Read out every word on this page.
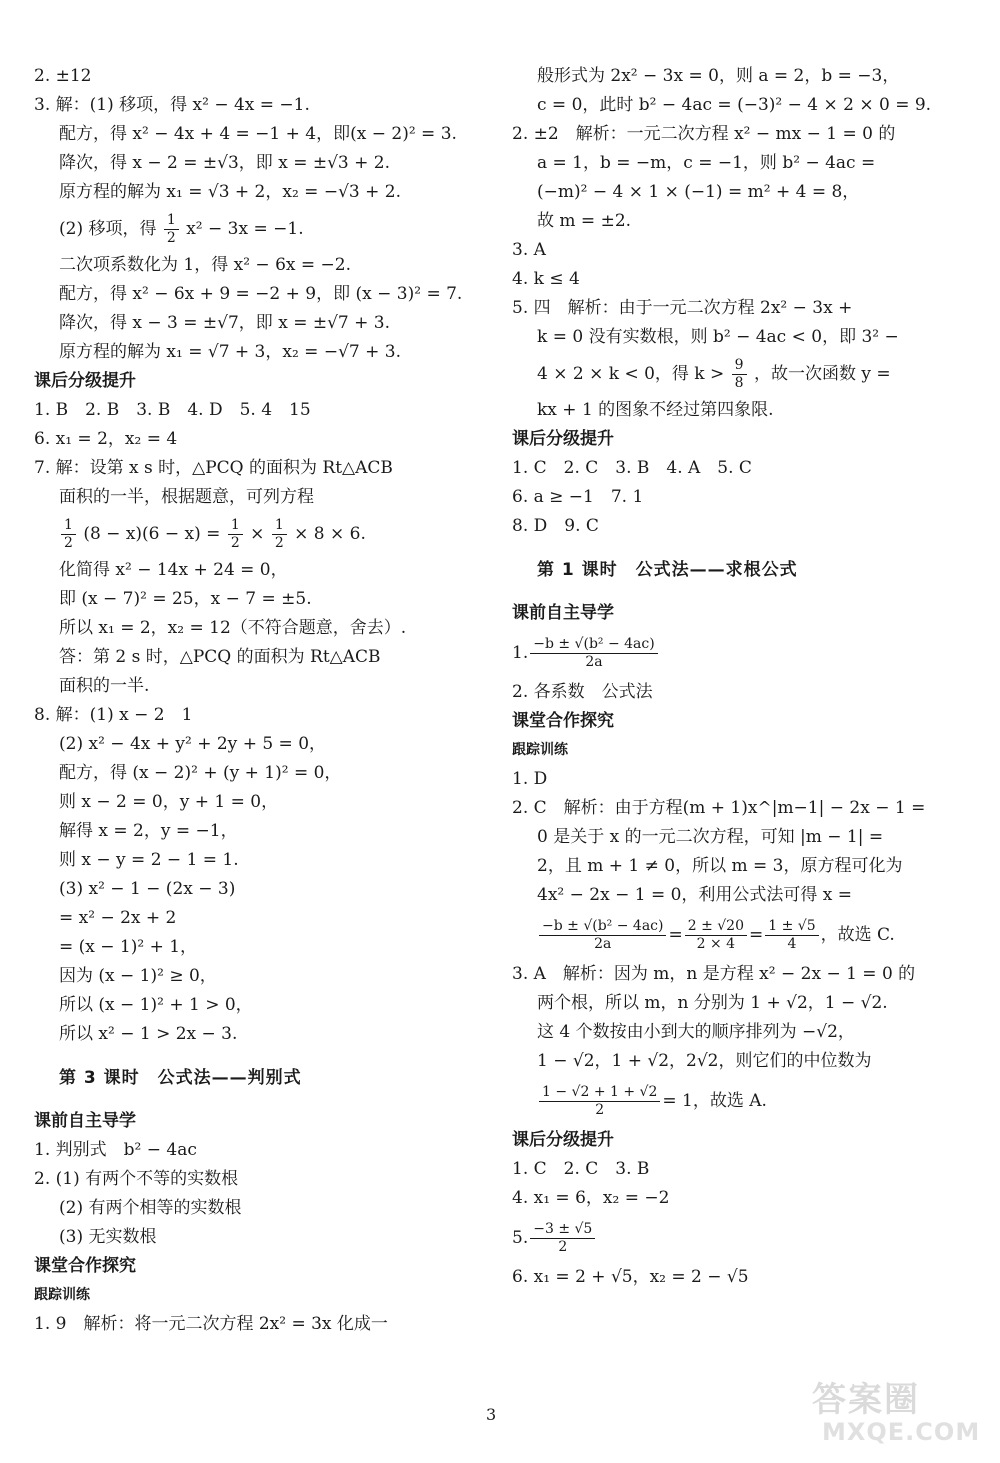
2. ±12
3. 解：(1) 移项，得 x² − 4x = −1.
配方，得 x² − 4x + 4 = −1 + 4，即(x − 2)² = 3.
降次，得 x − 2 = ±√3，即 x = ±√3 + 2.
原方程的解为 x₁ = √3 + 2，x₂ = −√3 + 2.
(2) 移项，得 $\frac{1}{2} x^2 - 3x = -1$.
二次项系数化为 1，得 x² − 6x = −2.
配方，得 x² − 6x + 9 = −2 + 9，即 (x − 3)² = 7.
降次，得 x − 3 = ±√7，即 x = ±√7 + 3.
原方程的解为 x₁ = √7 + 3，x₂ = −√7 + 3.
课后分级提升
1. B　2. B　3. B　4. D　5. 4　15
6. x₁ = 2，x₂ = 4
7. 解：设第 x s 时，△PCQ 的面积为 Rt△ACB
面积的一半，根据题意，可列方程
$\frac{1}{2} (8 - x)(6 - x) = \frac{1}{2} \times \frac{1}{2} \times 8 \times 6$.
化简得 x² − 14x + 24 = 0，
即 (x − 7)² = 25，x − 7 = ±5.
所以 x₁ = 2，x₂ = 12（不符合题意，舍去）.
答：第 2 s 时，△PCQ 的面积为 Rt△ACB
面积的一半.
8. 解：(1) x − 2　1
(2) x² − 4x + y² + 2y + 5 = 0，
配方，得 (x − 2)² + (y + 1)² = 0，
则 x − 2 = 0，y + 1 = 0，
解得 x = 2，y = −1，
则 x − y = 2 − 1 = 1.
(3) x² − 1 − (2x − 3)
= x² − 2x + 2
= (x − 1)² + 1，
因为 (x − 1)² ≥ 0，
所以 (x − 1)² + 1 > 0，
所以 x² − 1 > 2x − 3.
第 3 课时　公式法——判别式
课前自主导学
1. 判别式　b² − 4ac
2. (1) 有两个不等的实数根
(2) 有两个相等的实数根
(3) 无实数根
课堂合作探究
跟踪训练
1. 9　解析：将一元二次方程 2x² = 3x 化成一
般形式为 2x² − 3x = 0，则 a = 2，b = −3，
c = 0，此时 b² − 4ac = (−3)² − 4 × 2 × 0 = 9.
2. ±2　解析：一元二次方程 x² − mx − 1 = 0 的
a = 1，b = −m，c = −1，则 b² − 4ac =
(−m)² − 4 × 1 × (−1) = m² + 4 = 8，
故 m = ±2.
3. A
4. k ≤ 4
5. 四　解析：由于一元二次方程 2x² − 3x +
k = 0 没有实数根，则 b² − 4ac < 0，即 3² −
4 × 2 × k < 0，得 $k > \frac{9}{8}$ ，故一次函数 y =
kx + 1 的图象不经过第四象限.
课后分级提升
1. C　2. C　3. B　4. A　5. C
6. a ≥ −1　7. 1
8. D　9. C
第 1 课时　公式法——求根公式
课前自主导学
1. $\frac{\text{−b ± √(b² − 4ac)}}{2a}$
2. 各系数　公式法
课堂合作探究
跟踪训练
1. D
2. C　解析：由于方程(m + 1)x^|m−1| − 2x − 1 =
0 是关于 x 的一元二次方程，可知 |m − 1| =
2，且 m + 1 ≠ 0，所以 m = 3，原方程可化为
4x² − 2x − 1 = 0，利用公式法可得 x =
$\frac{\text{−b ± √(b² − 4ac)}}{2a} = \frac{2 \pm √20}{2 \times 4} = \frac{1 \pm √5}{4}$ ，故选 C.
3. A　解析：因为 m，n 是方程 x² − 2x − 1 = 0 的
两个根，所以 m，n 分别为 1 + √2，1 − √2.
这 4 个数按由小到大的顺序排列为 −√2，
1 − √2，1 + √2，2√2，则它们的中位数为
$\frac{1 - √2 + 1 + √2}{2} = 1$，故选 A.
课后分级提升
1. C　2. C　3. B
4. x₁ = 6，x₂ = −2
5. $\frac{-3 \pm √5}{2}$
6. x₁ = 2 + √5，x₂ = 2 − √5
3	答案圈
MXQE.COM
